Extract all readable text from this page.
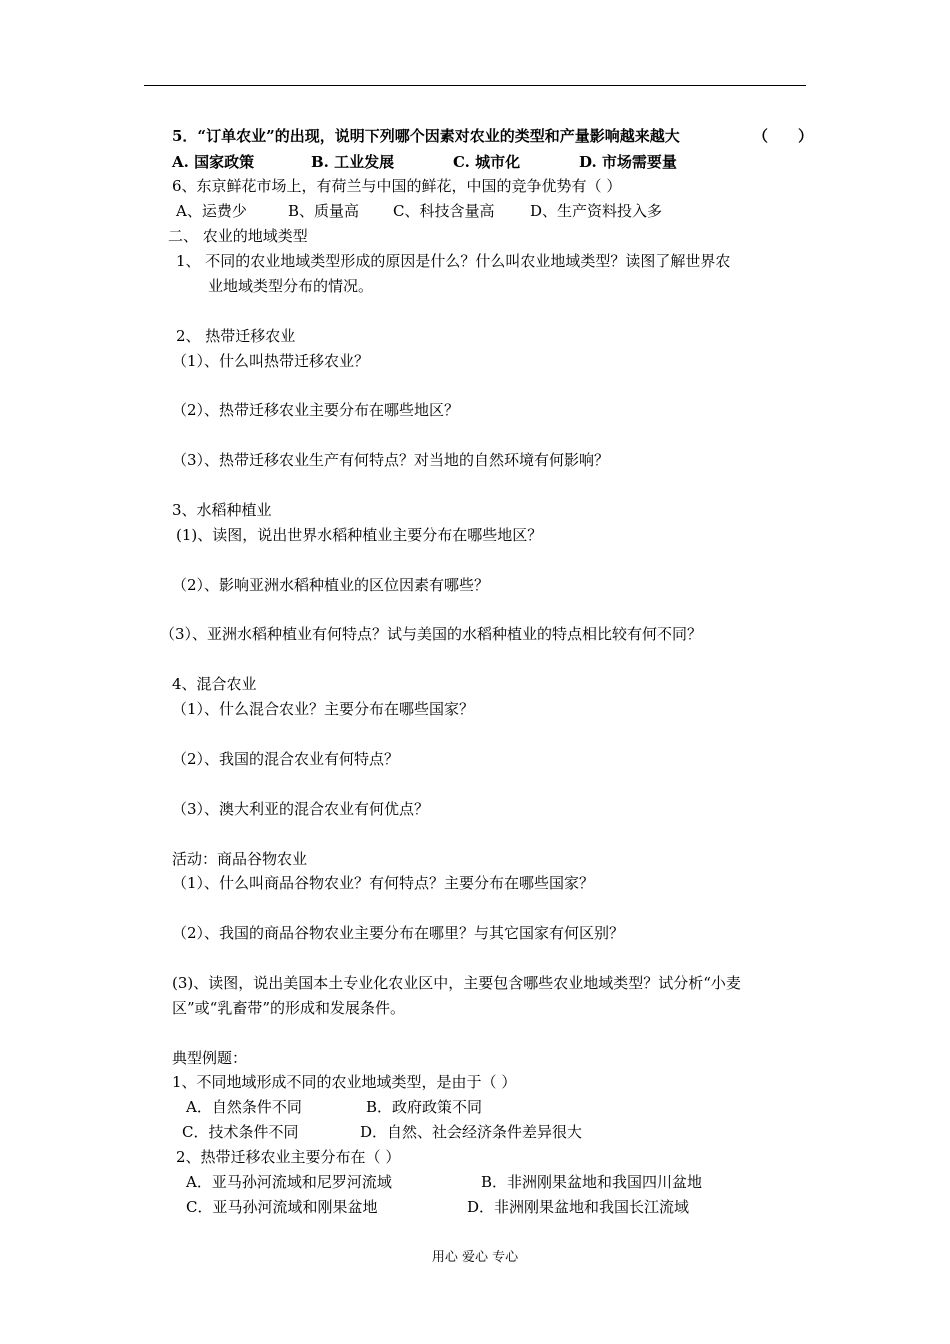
5．“订单农业”的出现，说明下列哪个因素对农业的类型和产量影响越来越大	（　　）
A. 国家政策	B. 工业发展	C. 城市化	D. 市场需要量
6、东京鲜花市场上，有荷兰与中国的鲜花，中国的竞争优势有（ ）
A、运费少	B、质量高 C、科技含量高 D、生产资料投入多
二、 农业的地域类型
1、 不同的农业地域类型形成的原因是什么？什么叫农业地域类型？读图了解世界农
业地域类型分布的情况。
2、 热带迁移农业
（1）、什么叫热带迁移农业？
（2）、热带迁移农业主要分布在哪些地区？
（3）、热带迁移农业生产有何特点？对当地的自然环境有何影响？
3、水稻种植业
(1)、读图，说出世界水稻种植业主要分布在哪些地区？
（2）、影响亚洲水稻种植业的区位因素有哪些？
（3）、亚洲水稻种植业有何特点？试与美国的水稻种植业的特点相比较有何不同？
4、混合农业
（1）、什么混合农业？主要分布在哪些国家？
（2）、我国的混合农业有何特点？
（3）、澳大利亚的混合农业有何优点？
活动：商品谷物农业
（1）、什么叫商品谷物农业？有何特点？主要分布在哪些国家？
（2）、我国的商品谷物农业主要分布在哪里？与其它国家有何区别？
(3)、读图，说出美国本土专业化农业区中，主要包含哪些农业地域类型？试分析“小麦
区”或“乳畜带”的形成和发展条件。
典型例题：
1、不同地域形成不同的农业地域类型，是由于（ ）
A．自然条件不同	B．政府政策不同
C．技术条件不同	D．自然、社会经济条件差异很大
2、热带迁移农业主要分布在（ ）
A．亚马孙河流域和尼罗河流域	B．非洲刚果盆地和我国四川盆地
C．亚马孙河流域和刚果盆地	D．非洲刚果盆地和我国长江流域
用心 爱心 专心
